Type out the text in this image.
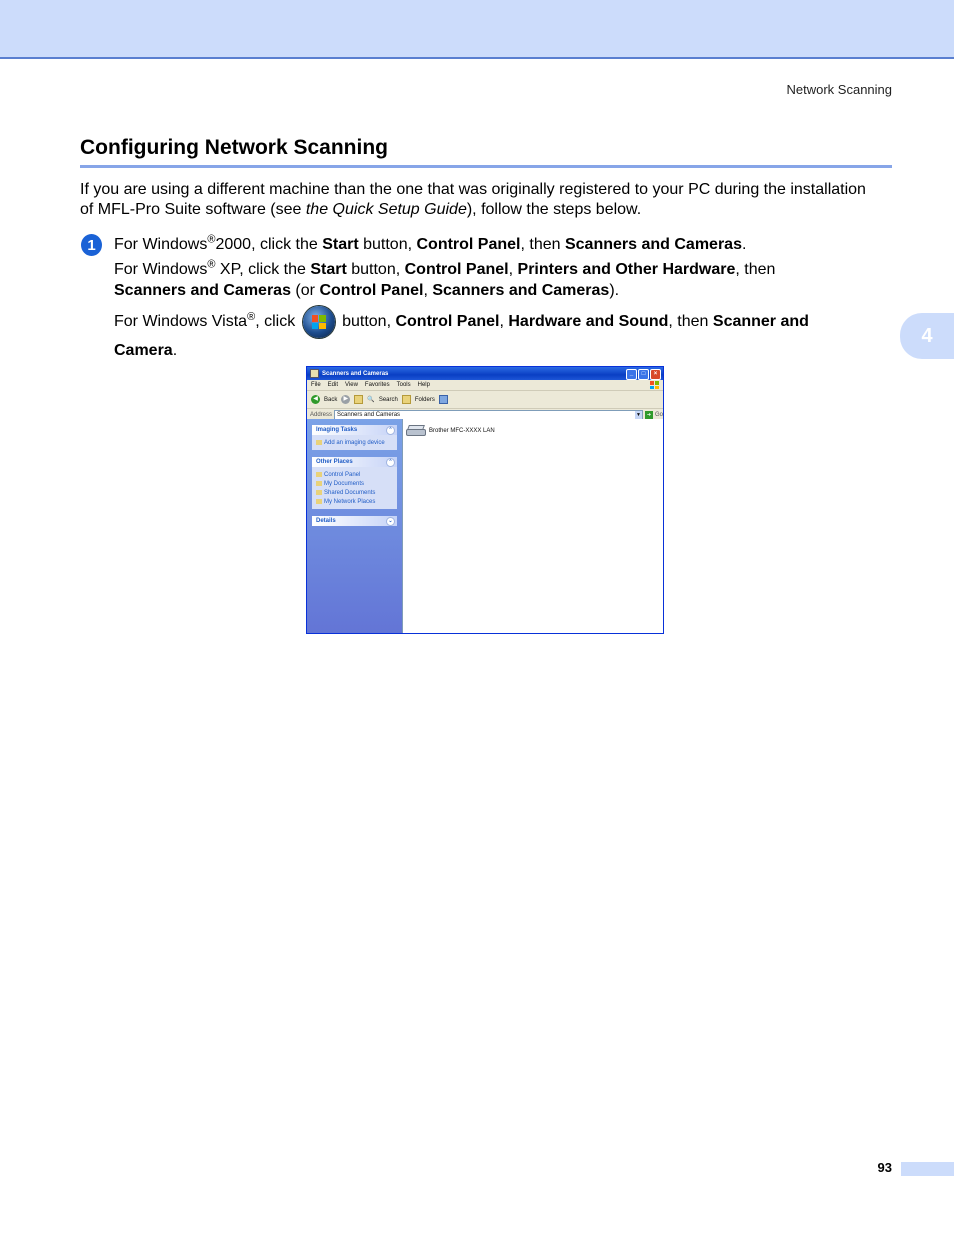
Network Scanning
Configuring Network Scanning
If you are using a different machine than the one that was originally registered to your PC during the installation of MFL-Pro Suite software (see the Quick Setup Guide), follow the steps below.
1	For Windows®2000, click the Start button, Control Panel, then Scanners and Cameras.
For Windows® XP, click the Start button, Control Panel, Printers and Other Hardware, then
Scanners and Cameras (or Control Panel, Scanners and Cameras).
For Windows Vista®, click
button, Control Panel, Hardware and Sound, then Scanner and
Camera.
4
Scanners and Cameras	_	□	×
File Edit View Favorites Tools Help
◀	Back	▶	🔍 Search	Folders
Address Scanners and Cameras	▼	➜ Go
Imaging Tasks	⌃
Add an imaging device
Other Places	⌃
Control Panel
My Documents
Shared Documents
My Network Places
Details	⌄
Brother MFC-XXXX LAN
93
